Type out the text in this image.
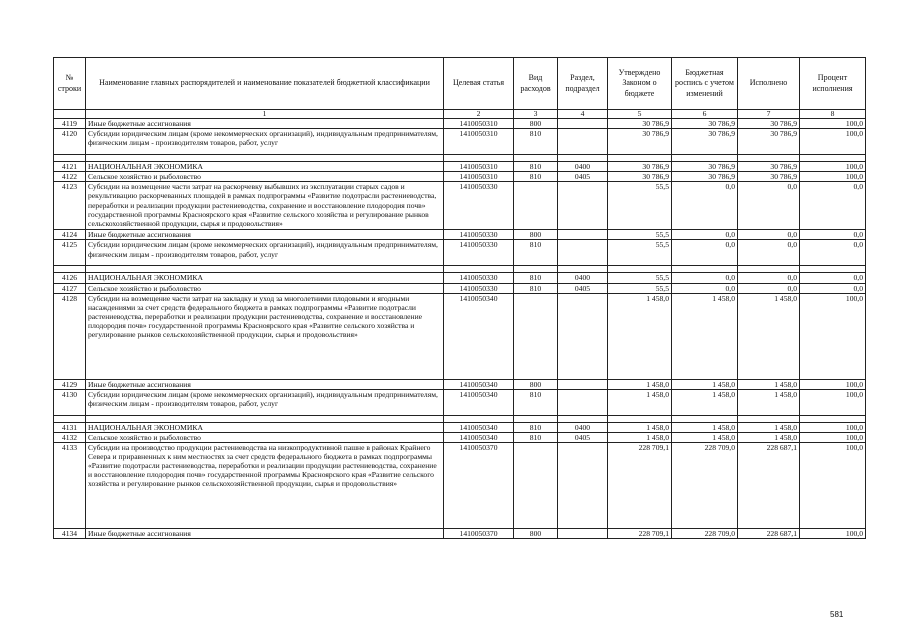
№ строки	Наименование главных распорядителей и наименование показателей бюджетной классификации	Целевая статья	Вид расходов	Раздел, подраздел	Утверждено Законом о бюджете	Бюджетная роспись с учетом изменений	Исполнено	Процент исполнения
	1	2	3	4	5	6	7	8
4119	Иные бюджетные ассигнования	1410050310	800		30 786,9	30 786,9	30 786,9	100,0
4120	Субсидии юридическим лицам (кроме некоммерческих организаций), индивидуальным предпринимателям, физическим лицам - производителям товаров, работ, услуг	1410050310	810		30 786,9	30 786,9	30 786,9	100,0

4121	НАЦИОНАЛЬНАЯ ЭКОНОМИКА	1410050310	810	0400	30 786,9	30 786,9	30 786,9	100,0
4122	Сельское хозяйство и рыболовство	1410050310	810	0405	30 786,9	30 786,9	30 786,9	100,0
4123	Субсидии на возмещение части затрат на раскорчевку выбывших из эксплуатации старых садов и рекультивацию раскорчеванных площадей в рамках подпрограммы «Развитие подотрасли растениеводства, переработки и реализации продукции растениеводства, сохранение и восстановление плодородия почв» государственной программы Красноярского края «Развитие сельского хозяйства и регулирование рынков сельскохозяйственной продукции, сырья и продовольствия»	1410050330			55,5	0,0	0,0	0,0
4124	Иные бюджетные ассигнования	1410050330	800		55,5	0,0	0,0	0,0
4125	Субсидии юридическим лицам (кроме некоммерческих организаций), индивидуальным предпринимателям, физическим лицам - производителям товаров, работ, услуг	1410050330	810		55,5	0,0	0,0	0,0

4126	НАЦИОНАЛЬНАЯ ЭКОНОМИКА	1410050330	810	0400	55,5	0,0	0,0	0,0
4127	Сельское хозяйство и рыболовство	1410050330	810	0405	55,5	0,0	0,0	0,0
4128	Субсидии на возмещение части затрат на закладку и уход за многолетними плодовыми и ягодными насаждениями за счет средств федерального бюджета в рамках подпрограммы «Развитие подотрасли растениеводства, переработки и реализации продукции растениеводства, сохранение и восстановление плодородия почв» государственной программы Красноярского края «Развитие сельского хозяйства и регулирование рынков сельскохозяйственной продукции, сырья и продовольствия»	1410050340			1 458,0	1 458,0	1 458,0	100,0
4129	Иные бюджетные ассигнования	1410050340	800		1 458,0	1 458,0	1 458,0	100,0
4130	Субсидии юридическим лицам (кроме некоммерческих организаций), индивидуальным предпринимателям, физическим лицам - производителям товаров, работ, услуг	1410050340	810		1 458,0	1 458,0	1 458,0	100,0

4131	НАЦИОНАЛЬНАЯ ЭКОНОМИКА	1410050340	810	0400	1 458,0	1 458,0	1 458,0	100,0
4132	Сельское хозяйство и рыболовство	1410050340	810	0405	1 458,0	1 458,0	1 458,0	100,0
4133	Субсидии на производство продукции растениеводства на низкопродуктивной пашне в районах Крайнего Севера и приравненных к ним местностях за счет средств федерального бюджета в рамках подпрограммы «Развитие подотрасли растениеводства, переработки и реализации продукции растениеводства, сохранение и восстановление плодородия почв» государственной программы Красноярского края «Развитие сельского хозяйства и регулирование рынков сельскохозяйственной продукции, сырья и продовольствия»	1410050370			228 709,1	228 709,0	228 687,1	100,0
4134	Иные бюджетные ассигнования	1410050370	800		228 709,1	228 709,0	228 687,1	100,0
581
